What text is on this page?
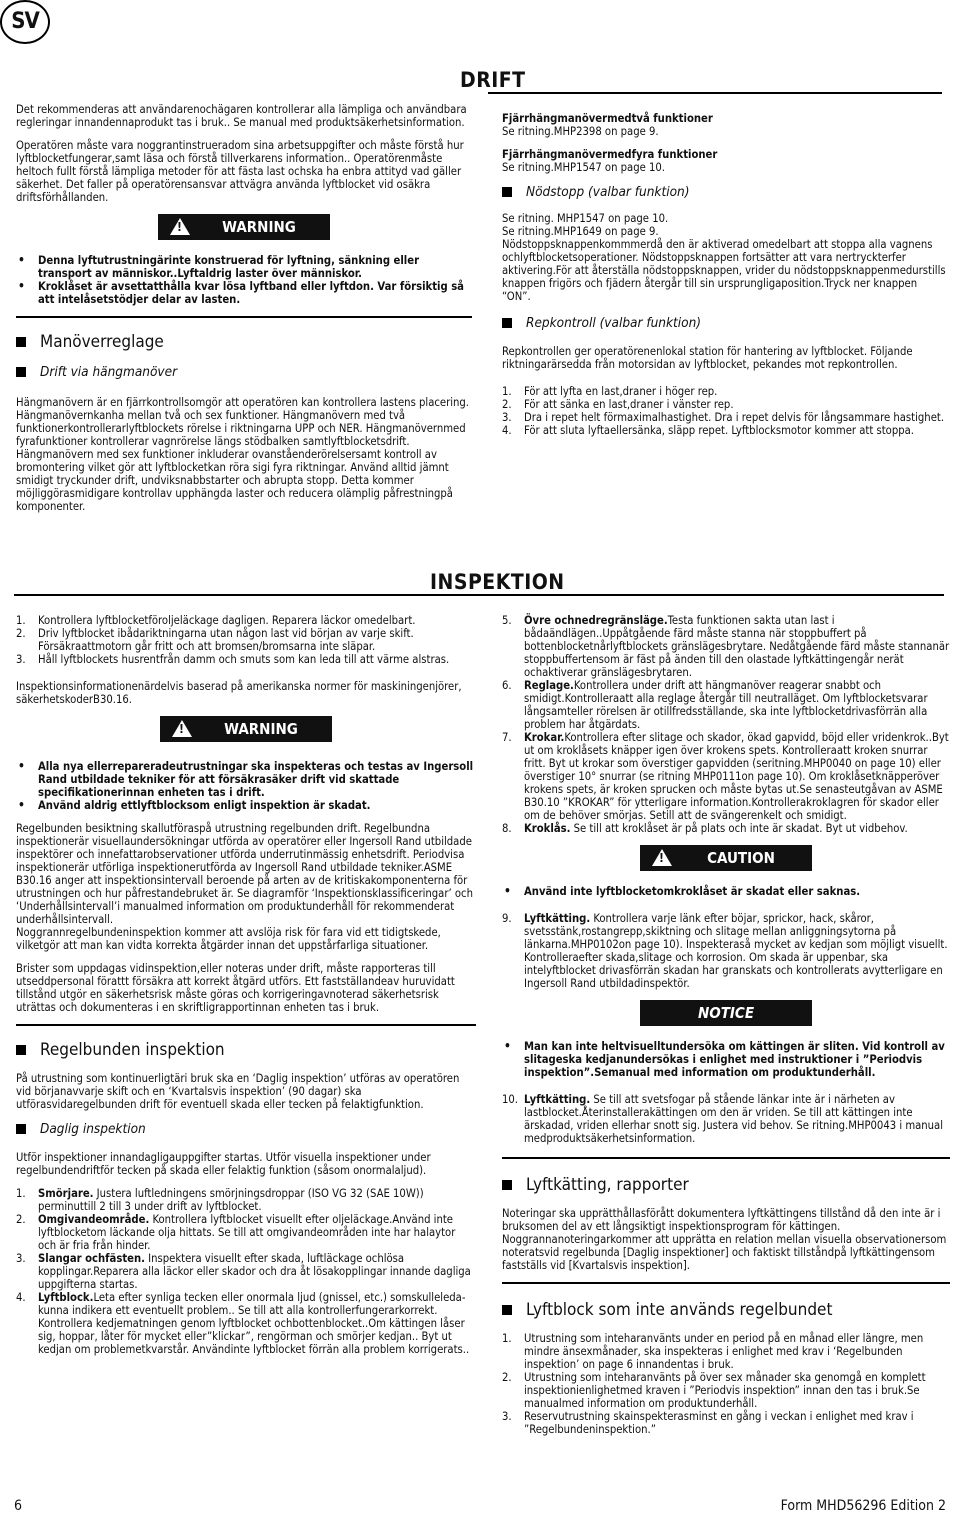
SV
DRIFT

Det rekommenderas att användarenochägaren kontrollerar alla lämpliga och användbara regleringar innandennaprodukt tas i bruk.. Se manual med produktsäkerhetsinformation.

Operatören måste vara noggrantinstrueradom sina arbetsuppgifter och måste förstå hur lyftblocketfungerar,samt läsa och förstå tillverkarens information.. Operatörenmåste heltoch fullt förstå lämpliga metoder för att fästa last ochska ha enbra attityd vad gäller säkerhet. Det faller på operatörensansvar attvägra använda lyftblocket vid osäkra driftsförhållanden.

!
WARNING
• Denna lyftutrustningärinte konstruerad för lyftning, sänkning eller transport av människor..Lyftaldrig laster över människor.
• Kroklåset är avsettatthålla kvar lösa lyftband eller lyftdon. Var försiktig så att intelåsetstödjer delar av lasten.
Manöverreglage
Drift via hängmanöver

Hängmanövern är en fjärrkontrollsomgör att operatören kan kontrollera lastens placering. Hängmanövernkanha mellan två och sex funktioner. Hängmanövern med två funktionerkontrollerarlyftblockets rörelse i riktningarna UPP och NER. Hängmanövernmed fyrafunktioner kontrollerar vagnrörelse längs stödbalken samtlyftblocketsdrift. Hängmanövern med sex funktioner inkluderar ovanståenderörelsersamt kontroll av bromontering vilket gör att lyftblocketkan röra sigi fyra riktningar. Använd alltid jämnt smidigt tryckunder drift, undviksnabbstarter och abrupta stopp. Detta kommer möjliggörasmidigare kontrollav upphängda laster och reducera olämplig påfrestningpå komponenter.

Fjärrhängmanövermedtvå funktioner

Se ritning.MHP2398 on page 9.

Fjärrhängmanövermedfyra funktioner

Se ritning.MHP1547 on page 10.

Nödstopp (valbar funktion)
Se ritning. MHP1547 on page 10.
Se ritning.MHP1649 on page 9.

Nödstoppsknappenkommmerdå den är aktiverad omedelbart att stoppa alla vagnens ochlyftblocketsoperationer. Nödstoppsknappen fortsätter att vara nertryckterfer aktivering.För att återställa nödstoppsknappen, vrider du nödstoppsknappenmedurstills knappen frigörs och fjädern återgår till sin ursprungligaposition.Tryck ner knappen “ON”.

Repkontroll (valbar funktion)

Repkontrollen ger operatörenenlokal station för hantering av lyftblocket. Följande riktningarärsedda från motorsidan av lyftblocket, pekandes mot repkontrollen.

1. För att lyfta en last,draner i höger rep.
2. För att sänka en last,draner i vänster rep.
3. Dra i repet helt förmaximalhastighet. Dra i repet delvis för långsammare hastighet.
4. För att sluta lyftaellersänka, släpp repet. Lyftblocksmotor kommer att stoppa.
INSPEKTION
1. Kontrollera lyftblocketföroljeläckage dagligen. Reparera läckor omedelbart.
2. Driv lyftblocket ibådariktningarna utan någon last vid början av varje skift. Försäkraattmotorn går fritt och att bromsen/bromsarna inte släpar.
3. Håll lyftblockets husrentfrån damm och smuts som kan leda till att värme alstras.

Inspektionsinformationenärdelvis baserad på amerikanska normer för maskiningenjörer, säkerhetskoderB30.16.

!
WARNING
• Alla nya ellerrepareradeutrustningar ska inspekteras och testas av Ingersoll Rand utbildade tekniker för att försäkrasäker drift vid skattade specifikationerinnan enheten tas i drift.
• Använd aldrig ettlyftblocksom enligt inspektion är skadat.

Regelbunden besiktning skallutföraspå utrustning regelbunden drift. Regelbundna inspektionerär visuellaundersökningar utförda av operatörer eller Ingersoll Rand utbildade inspektörer och innefattarobservationer utförda underrutinmässig enhetsdrift. Periodvisa inspektionerär utförliga inspektionerutförda av Ingersoll Rand utbildade tekniker.ASME B30.16 anger att inspektionsintervall beroende på arten av de kritiskakomponenterna för utrustningen och hur påfrestandebruket är. Se diagramför ‘Inspektionsklassificeringar’ och ‘Underhållsintervall’i manualmed information om produktunderhåll för rekommenderat underhållsintervall.

Noggrannregelbundeninspektion kommer att avslöja risk för fara vid ett tidigtskede, vilketgör att man kan vidta korrekta åtgärder innan det uppstårfarliga situationer.

Brister som uppdagas vidinspektion,eller noteras under drift, måste rapporteras till utseddpersonal förattt försäkra att korrekt åtgärd utförs. Ett fastställandeav huruvidatt tillstånd utgör en säkerhetsrisk måste göras och korrigeringavnoterad säkerhetsrisk uträttas och dokumenteras i en skriftligrapportinnan enheten tas i bruk.

Regelbunden inspektion

På utrustning som kontinuerligtäri bruk ska en ‘Daglig inspektion’ utföras av operatören vid börjanavvarje skift och en ‘Kvartalsvis inspektion’ (90 dagar) ska utförasvidaregelbunden drift för eventuell skada eller tecken på felaktigfunktion.

Daglig inspektion

Utför inspektioner innandagligauppgifter startas. Utför visuella inspektioner under regelbundendriftför tecken på skada eller felaktig funktion (såsom onormalaljud).

1. Smörjare. Justera luftledningens smörjningsdroppar (ISO VG 32 (SAE 10W)) perminuttill 2 till 3 under drift av lyftblocket.
2. Omgivandeområde. Kontrollera lyftblocket visuellt efter oljeläckage.Använd inte lyftblocketom läckande olja hittats. Se till att omgivandeområden inte har halaytor och är fria från hinder.
3. Slangar ochfästen. Inspektera visuellt efter skada, luftläckage ochlösa kopplingar.Reparera alla läckor eller skador och dra åt lösakopplingar innande dagliga uppgifterna startas.
4. Lyftblock.Leta efter synliga tecken eller onormala ljud (gnissel, etc.) somskulleledakunna indikera ett eventuellt problem.. Se till att alla kontrollerfungerarkorrekt. Kontrollera kedjematningen genom lyftblocket ochbottenblocket..Om kättingen låser sig, hoppar, låter för mycket eller”klickar”, rengörman och smörjer kedjan.. Byt ut kedjan om problemetkvarstår. Användinte lyftblocket förrän alla problem korrigerats..
5. Övre ochnedregränsläge.Testa funktionen sakta utan last i bådaändlägen..Uppåtgående färd måste stanna när stoppbuffert på bottenblocketnårlyftblockets gränslägesbrytare. Nedåtgående färd måste stannanär stoppbuffertensom är fäst på änden till den olastade lyftkättingengår nerät ochaktiverar gränslägesbrytaren.
6. Reglage.Kontrollera under drift att hängmanöver reagerar snabbt och smidigt.Kontrolleraatt alla reglage återgår till neutralläget. Om lyftblocketsvarar långsamteller rörelsen är otillfredsställande, ska inte lyftblocketdrivasförrän alla problem har åtgärdats.
7. Krokar.Kontrollera efter slitage och skador, ökad gapvidd, böjd eller vridenkrok..Byt ut om kroklåsets knäpper igen över krokens spets. Kontrolleraatt kroken snurrar fritt. Byt ut krokar som överstiger gapvidden (seritning.MHP0040 on page 10) eller överstiger 10° snurrar (se ritning MHP0111on page 10). Om kroklåsetknäpperöver krokens spets, är kroken sprucken och måste bytas ut.Se senasteutgåvan av ASME B30.10 ”KROKAR” för ytterligare information.Kontrollerakroklagren för skador eller om de behöver smörjas. Setill att de svängerenkelt och smidigt.
8. Kroklås. Se till att kroklåset är på plats och inte är skadat. Byt ut vidbehov.
!
CAUTION
• Använd inte lyftblocketomkroklåset är skadat eller saknas.
9. Lyftkätting. Kontrollera varje länk efter böjar, sprickor, hack, skåror, svetsstänk,rostangrepp,skiktning och slitage mellan anliggningsytorna på länkarna.MHP0102on page 10). Inspekteraså mycket av kedjan som möjligt visuellt. Kontrolleraefter skada,slitage och korrosion. Om skada är uppenbar, ska intelyftblocket drivasförrän skadan har granskats och kontrollerats avytterligare en Ingersoll Rand utbildadinspektör.
NOTICE
• Man kan inte heltvisuelltundersöka om kättingen är sliten. Vid kontroll av slitageska kedjanundersökas i enlighet med instruktioner i ”Periodvis inspektion”.Semanual med information om produktunderhåll.
10. Lyftkätting. Se till att svetsfogar på stående länkar inte är i närheten av lastblocket.Återinstallerakättingen om den är vriden. Se till att kättingen inte ärskadad, vriden ellerhar snott sig. Justera vid behov. Se ritning.MHP0043 i manual medproduktsäkerhetsinformation.
Lyftkätting, rapporter

Noteringar ska upprätthållasförått dokumentera lyftkättingens tillstånd då den inte är i bruksomen del av ett långsiktigt inspektionsprogram för kättingen. Noggrannanoteringarkommer att upprätta en relation mellan visuella observationersom noteratsvid regelbunda [Daglig inspektioner] och faktiskt tillståndpå lyftkättingensom fastställs vid [Kvartalsvis inspektion].

Lyftblock som inte används regelbundet
1. Utrustning som inteharanvänts under en period på en månad eller längre, men mindre änsexmånader, ska inspekteras i enlighet med krav i ‘Regelbunden inspektion’ on page 6 innandentas i bruk.
2. Utrustning som inteharanvänts på över sex månader ska genomgå en komplett inspektionienlighetmed kraven i ”Periodvis inspektion” innan den tas i bruk.Se manualmed information om produktunderhåll.
3. Reservutrustning skainspekterasminst en gång i veckan i enlighet med krav i ”Regelbundeninspektion.”
6	Form MHD56296 Edition 2
